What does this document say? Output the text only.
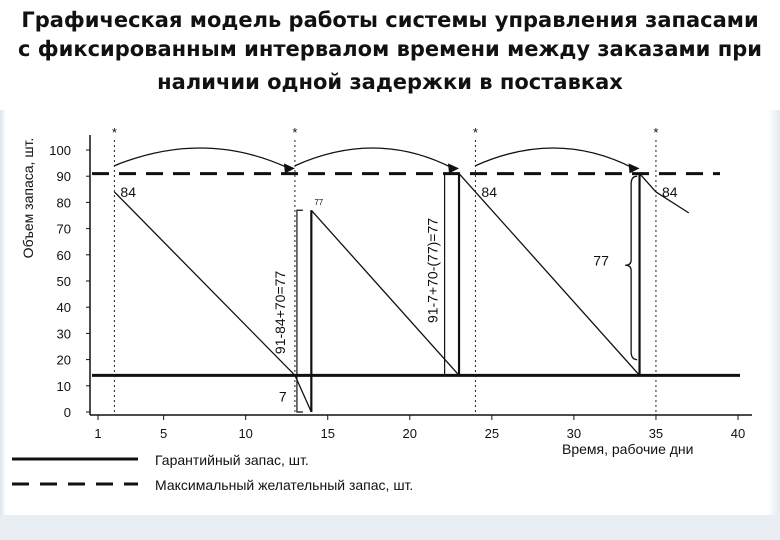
Графическая модель работы системы управления запасами
с фиксированным интервалом времени между заказами при
наличии одной задержки в поставках
0
10
20
30
40
50
60
70
80
90
100
1	5	10	15	20	25	30	35	40
*	*	*	*
84	84	84
7
77
77
91-84+70=77	91-7+70-(77)=77
Объем запаса, шт.
Время, рабочие дни
Гарантийный запас, шт.
Максимальный желательный запас, шт.
